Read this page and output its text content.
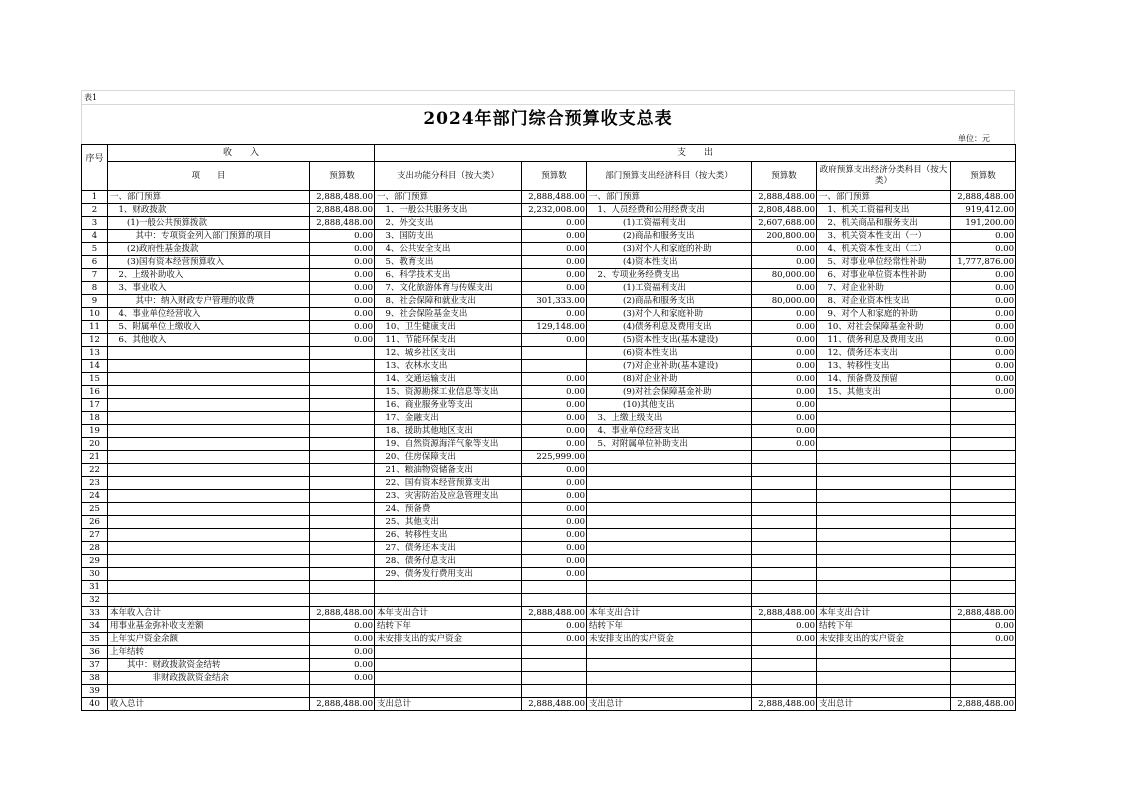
表1
2024年部门综合预算收支总表
单位：元
序号	收　　入		支　　出					
	项　　目	预算数	支出功能分科目（按大类）	预算数	部门预算支出经济科目（按大类）	预算数	政府预算支出经济分类科目（按大类）	预算数
1	一、部门预算	2,888,488.00	一、部门预算	2,888,488.00	一、部门预算	2,888,488.00	一、部门预算	2,888,488.00
2	　1、财政拨款	2,888,488.00	　1、一般公共服务支出	2,232,008.00	　1、人员经费和公用经费支出	2,808,488.00	　1、机关工资福利支出	919,412.00
3	　　(1)一般公共预算拨款	2,888,488.00	　2、外交支出	0.00	　　　　(1)工资福利支出	2,607,688.00	　2、机关商品和服务支出	191,200.00
4	　　　其中：专项资金列入部门预算的项目	0.00	　3、国防支出	0.00	　　　　(2)商品和服务支出	200,800.00	　3、机关资本性支出（一）	0.00
5	　　(2)政府性基金拨款	0.00	　4、公共安全支出	0.00	　　　　(3)对个人和家庭的补助	0.00	　4、机关资本性支出（二）	0.00
6	　　(3)国有资本经营预算收入	0.00	　5、教育支出	0.00	　　　　(4)资本性支出	0.00	　5、对事业单位经常性补助	1,777,876.00
7	　2、上级补助收入	0.00	　6、科学技术支出	0.00	　2、专项业务经费支出	80,000.00	　6、对事业单位资本性补助	0.00
8	　3、事业收入	0.00	　7、文化旅游体育与传媒支出	0.00	　　　　(1)工资福利支出	0.00	　7、对企业补助	0.00
9	　　　其中：纳入财政专户管理的收费	0.00	　8、社会保障和就业支出	301,333.00	　　　　(2)商品和服务支出	80,000.00	　8、对企业资本性支出	0.00
10	　4、事业单位经营收入	0.00	　9、社会保险基金支出	0.00	　　　　(3)对个人和家庭补助	0.00	　9、对个人和家庭的补助	0.00
11	　5、附属单位上缴收入	0.00	　10、卫生健康支出	129,148.00	　　　　(4)债务利息及费用支出	0.00	　10、对社会保障基金补助	0.00
12	　6、其他收入	0.00	　11、节能环保支出	0.00	　　　　(5)资本性支出(基本建设)	0.00	　11、债务利息及费用支出	0.00
13			　12、城乡社区支出		　　　　(6)资本性支出	0.00	　12、债务还本支出	0.00
14			　13、农林水支出		　　　　(7)对企业补助(基本建设)	0.00	　13、转移性支出	0.00
15			　14、交通运输支出	0.00	　　　　(8)对企业补助	0.00	　14、预备费及预留	0.00
16			　15、资源勘探工业信息等支出	0.00	　　　　(9)对社会保障基金补助	0.00	　15、其他支出	0.00
17			　16、商业服务业等支出	0.00	　　　　(10)其他支出	0.00		
18			　17、金融支出	0.00	　3、上缴上级支出	0.00		
19			　18、援助其他地区支出	0.00	　4、事业单位经营支出	0.00		
20			　19、自然资源海洋气象等支出	0.00	　5、对附属单位补助支出	0.00		
21			　20、住房保障支出	225,999.00				
22			　21、粮油物资储备支出	0.00				
23			　22、国有资本经营预算支出	0.00				
24			　23、灾害防治及应急管理支出	0.00				
25			　24、预备费	0.00				
26			　25、其他支出	0.00				
27			　26、转移性支出	0.00				
28			　27、债务还本支出	0.00				
29			　28、债务付息支出	0.00				
30			　29、债务发行费用支出	0.00				
31								
32								
33	本年收入合计	2,888,488.00	本年支出合计	2,888,488.00	本年支出合计	2,888,488.00	本年支出合计	2,888,488.00
34	用事业基金弥补收支差额	0.00	结转下年	0.00	结转下年	0.00	结转下年	0.00
35	上年实户资金余额	0.00	未安排支出的实户资金	0.00	未安排支出的实户资金	0.00	未安排支出的实户资金	0.00
36	上年结转	0.00						
37	　　其中：财政拨款资金结转	0.00						
38	　　　　　非财政拨款资金结余	0.00						
39								
40	收入总计	2,888,488.00	支出总计	2,888,488.00	支出总计	2,888,488.00	支出总计	2,888,488.00
